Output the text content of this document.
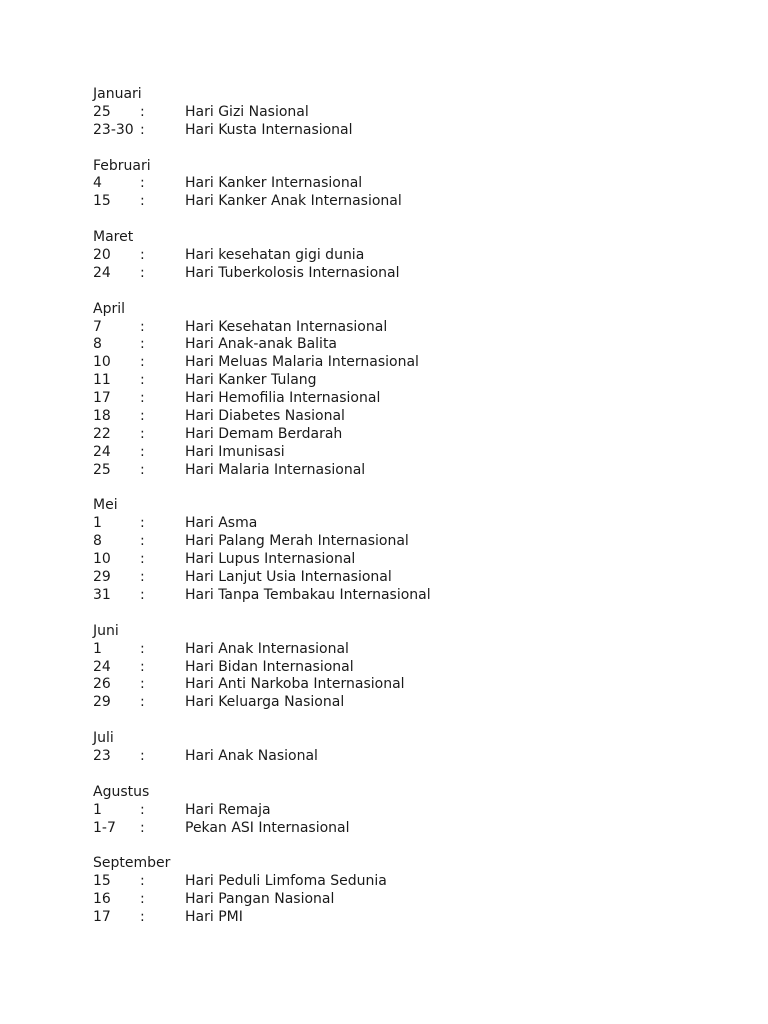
Januari
25 :	Hari Gizi Nasional
23-30 :	Hari Kusta Internasional
Februari
4	:	Hari Kanker Internasional
15 :	Hari Kanker Anak Internasional
Maret
20 :	Hari kesehatan gigi dunia
24 :	Hari Tuberkolosis Internasional
April
7	:	Hari Kesehatan Internasional
8	:	Hari Anak-anak Balita
10 :	Hari Meluas Malaria Internasional
11 :	Hari Kanker Tulang
17 :	Hari Hemofilia Internasional
18 :	Hari Diabetes Nasional
22 :	Hari Demam Berdarah
24 :	Hari Imunisasi
25 :	Hari Malaria Internasional
Mei
1	:	Hari Asma
8	:	Hari Palang Merah Internasional
10 :	Hari Lupus Internasional
29 :	Hari Lanjut Usia Internasional
31 :	Hari Tanpa Tembakau Internasional
Juni
1	:	Hari Anak Internasional
24 :	Hari Bidan Internasional
26 :	Hari Anti Narkoba Internasional
29 :	Hari Keluarga Nasional
Juli
23 :	Hari Anak Nasional
Agustus
1	:	Hari Remaja
1-7 :	Pekan ASI Internasional
September
15 :	Hari Peduli Limfoma Sedunia
16 :	Hari Pangan Nasional
17 :	Hari PMI
